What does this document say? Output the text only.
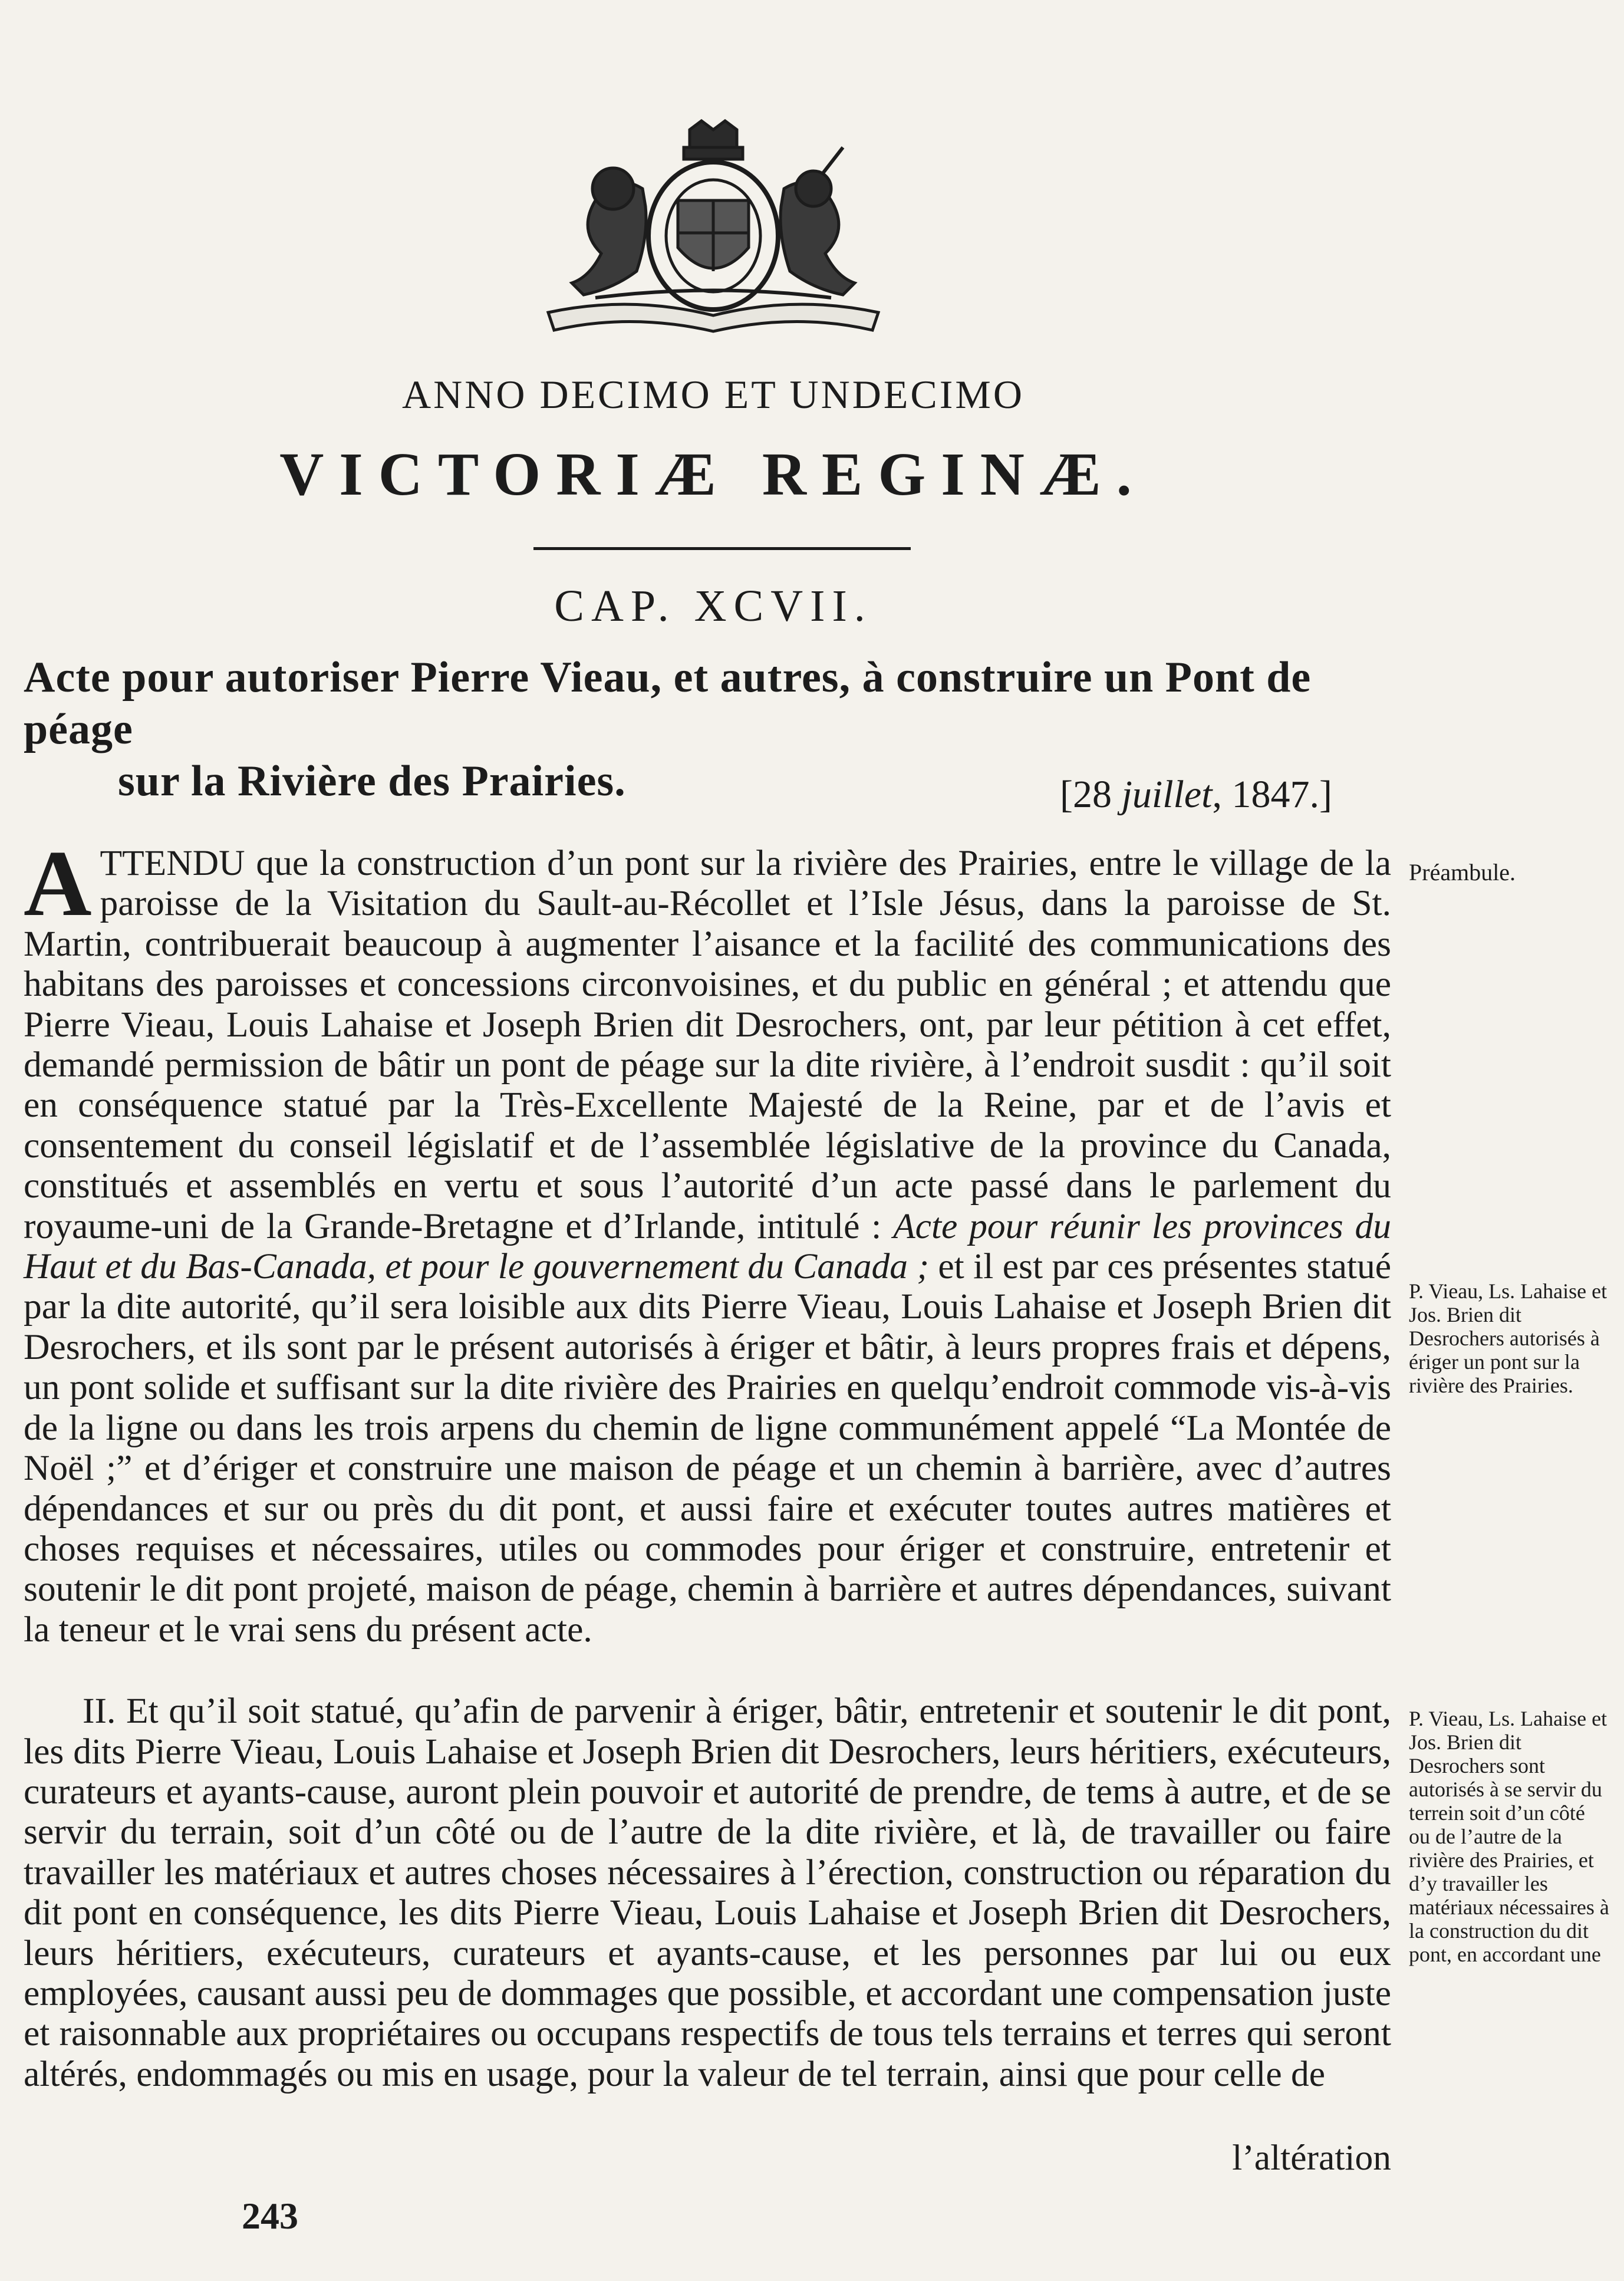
ANNO DECIMO ET UNDECIMO
VICTORIÆ REGINÆ.
CAP. XCVII.
Acte pour autoriser Pierre Vieau, et autres, à construire un Pont de péage
sur la Rivière des Prairies.	[28 juillet, 1847.]

ATTENDU que la construction d’un pont sur la rivière des Prairies, entre le village de la paroisse de la Visitation du Sault-au-Récollet et l’Isle Jésus, dans la paroisse de St. Martin, contribuerait beaucoup à augmenter l’aisance et la facilité des communications des habitans des paroisses et concessions circonvoisines, et du public en général ; et attendu que Pierre Vieau, Louis Lahaise et Joseph Brien dit Desrochers, ont, par leur pétition à cet effet, demandé permission de bâtir un pont de péage sur la dite rivière, à l’endroit susdit : qu’il soit en conséquence statué par la Très-Excellente Majesté de la Reine, par et de l’avis et consentement du conseil législatif et de l’assemblée législative de la province du Canada, constitués et assemblés en vertu et sous l’autorité d’un acte passé dans le parlement du royaume-uni de la Grande-Bretagne et d’Irlande, intitulé : Acte pour réunir les provinces du Haut et du Bas-Canada, et pour le gouvernement du Canada ; et il est par ces présentes statué par la dite autorité, qu’il sera loisible aux dits Pierre Vieau, Louis Lahaise et Joseph Brien dit Desrochers, et ils sont par le présent autorisés à ériger et bâtir, à leurs propres frais et dépens, un pont solide et suffisant sur la dite rivière des Prairies en quelqu’endroit commode vis-à-vis de la ligne ou dans les trois arpens du chemin de ligne communément appelé “La Montée de Noël ;” et d’ériger et construire une maison de péage et un chemin à barrière, avec d’autres dépendances et sur ou près du dit pont, et aussi faire et exécuter toutes autres matières et choses requises et nécessaires, utiles ou commodes pour ériger et construire, entretenir et soutenir le dit pont projeté, maison de péage, chemin à barrière et autres dépendances, suivant la teneur et le vrai sens du présent acte.

II. Et qu’il soit statué, qu’afin de parvenir à ériger, bâtir, entretenir et soutenir le dit pont, les dits Pierre Vieau, Louis Lahaise et Joseph Brien dit Desrochers, leurs héritiers, exécuteurs, curateurs et ayants-cause, auront plein pouvoir et autorité de prendre, de tems à autre, et de se servir du terrain, soit d’un côté ou de l’autre de la dite rivière, et là, de travailler ou faire travailler les matériaux et autres choses nécessaires à l’érection, construction ou réparation du dit pont en conséquence, les dits Pierre Vieau, Louis Lahaise et Joseph Brien dit Desrochers, leurs héritiers, exécuteurs, curateurs et ayants-cause, et les personnes par lui ou eux employées, causant aussi peu de dommages que possible, et accordant une compensation juste et raisonnable aux propriétaires ou occupans respectifs de tous tels terrains et terres qui seront altérés, endommagés ou mis en usage, pour la valeur de tel terrain, ainsi que pour celle de

l’altération
243
Préambule.
P. Vieau, Ls. Lahaise et Jos. Brien dit Desrochers autorisés à ériger un pont sur la rivière des Prairies.
P. Vieau, Ls. Lahaise et Jos. Brien dit Desrochers sont autorisés à se servir du terrein soit d’un côté ou de l’autre de la rivière des Prairies, et d’y travailler les matériaux nécessaires à la construction du dit pont, en accordant une
